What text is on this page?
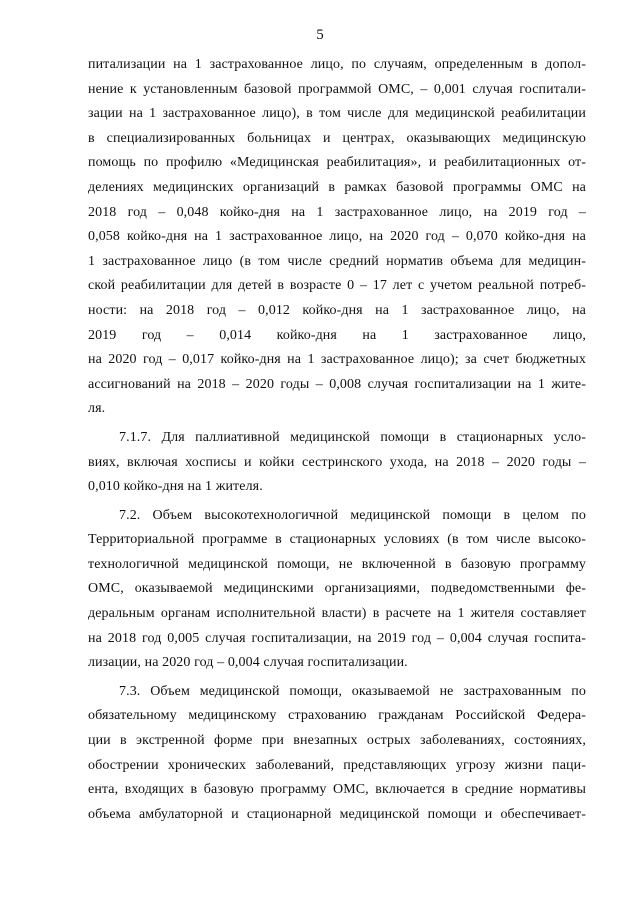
5
питализации на 1 застрахованное лицо, по случаям, определенным в допол-
нение к установленным базовой программой ОМС, – 0,001 случая госпитали-
зации на 1 застрахованное лицо), в том числе для медицинской реабилитации
в специализированных больницах и центрах, оказывающих медицинскую
помощь по профилю «Медицинская реабилитация», и реабилитационных от-
делениях медицинских организаций в рамках базовой программы ОМС на
2018 год – 0,048 койко-дня на 1 застрахованное лицо, на 2019 год –
0,058 койко-дня на 1 застрахованное лицо, на 2020 год – 0,070 койко-дня на
1 застрахованное лицо (в том числе средний норматив объема для медицин-
ской реабилитации для детей в возрасте 0 – 17 лет с учетом реальной потреб-
ности: на 2018 год – 0,012 койко-дня на 1 застрахованное лицо, на
2019 год – 0,014 койко-дня на 1 застрахованное лицо,
на 2020 год – 0,017 койко-дня на 1 застрахованное лицо); за счет бюджетных
ассигнований на 2018 – 2020 годы – 0,008 случая госпитализации на 1 жите-
ля.
7.1.7. Для паллиативной медицинской помощи в стационарных усло-
виях, включая хосписы и койки сестринского ухода, на 2018 – 2020 годы –
0,010 койко-дня на 1 жителя.
7.2. Объем высокотехнологичной медицинской помощи в целом по
Территориальной программе в стационарных условиях (в том числе высоко-
технологичной медицинской помощи, не включенной в базовую программу
ОМС, оказываемой медицинскими организациями, подведомственными фе-
деральным органам исполнительной власти) в расчете на 1 жителя составляет
на 2018 год 0,005 случая госпитализации, на 2019 год – 0,004 случая госпита-
лизации, на 2020 год – 0,004 случая госпитализации.
7.3. Объем медицинской помощи, оказываемой не застрахованным по
обязательному медицинскому страхованию гражданам Российской Федера-
ции в экстренной форме при внезапных острых заболеваниях, состояниях,
обострении хронических заболеваний, представляющих угрозу жизни паци-
ента, входящих в базовую программу ОМС, включается в средние нормативы
объема амбулаторной и стационарной медицинской помощи и обеспечивает-
